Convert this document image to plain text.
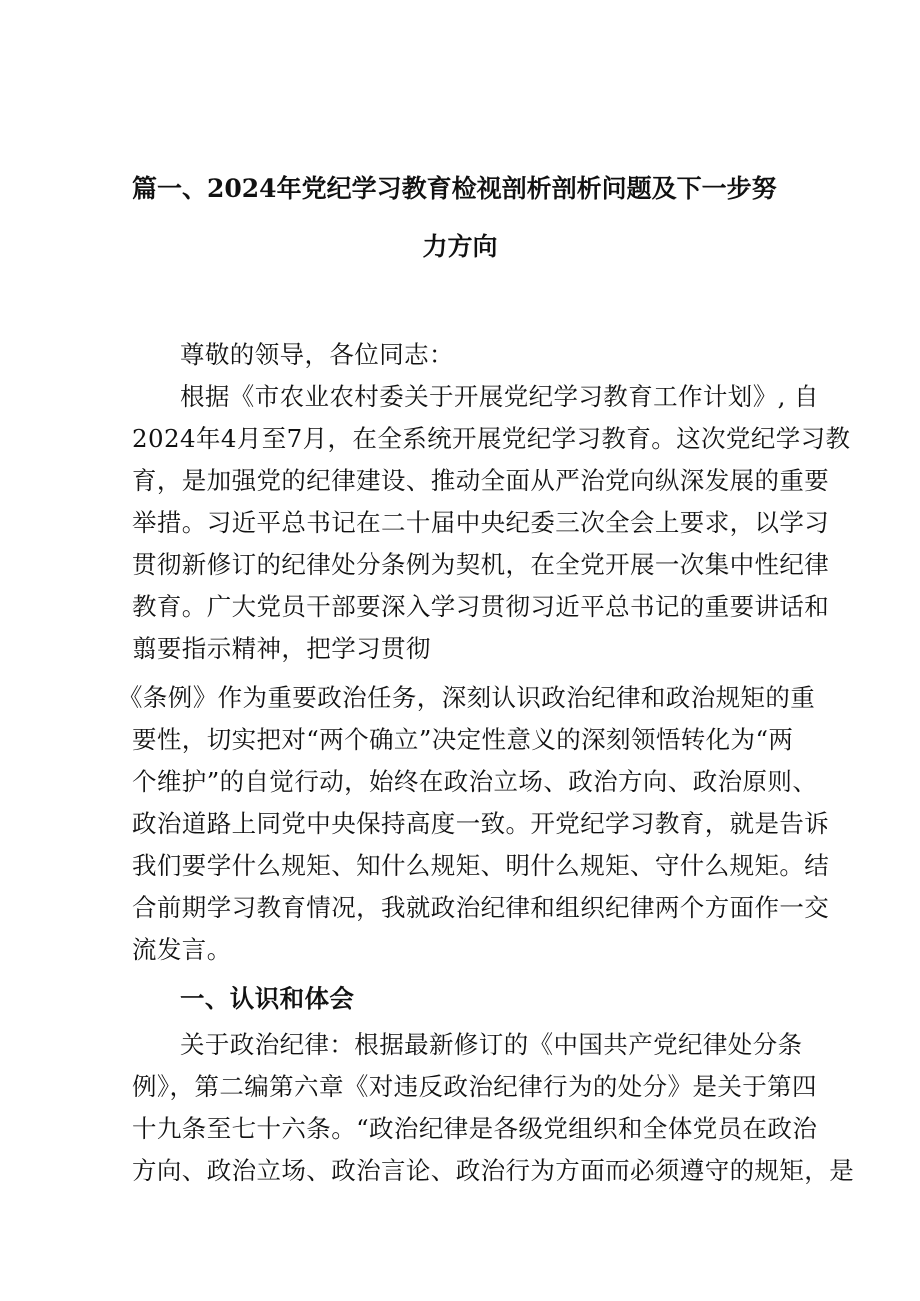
篇一、2024年党纪学习教育检视剖析剖析问题及下一步努
力方向
尊敬的领导，各位同志：
根据《市农业农村委关于开展党纪学习教育工作计划》, 自
2024年4月至7月，在全系统开展党纪学习教育。这次党纪学习教
育，是加强党的纪律建设、推动全面从严治党向纵深发展的重要
举措。习近平总书记在二十届中央纪委三次全会上要求，以学习
贯彻新修订的纪律处分条例为契机，在全党开展一次集中性纪律
教育。广大党员干部要深入学习贯彻习近平总书记的重要讲话和
翦要指示精神，把学习贯彻
《条例》作为重要政治任务，深刻认识政治纪律和政治规矩的重
要性，切实把对“两个确立”决定性意义的深刻领悟转化为“两
个维护”的自觉行动，始终在政治立场、政治方向、政治原则、
政治道路上同党中央保持高度一致。开党纪学习教育，就是告诉
我们要学什么规矩、知什么规矩、明什么规矩、守什么规矩。结
合前期学习教育情况，我就政治纪律和组织纪律两个方面作一交
流发言。
一、认识和体会
关于政治纪律：根据最新修订的《中国共产党纪律处分条
例》，第二编第六章《对违反政治纪律行为的处分》是关于第四
十九条至七十六条。“政治纪律是各级党组织和全体党员在政治
方向、政治立场、政治言论、政治行为方面而必须遵守的规矩，是
